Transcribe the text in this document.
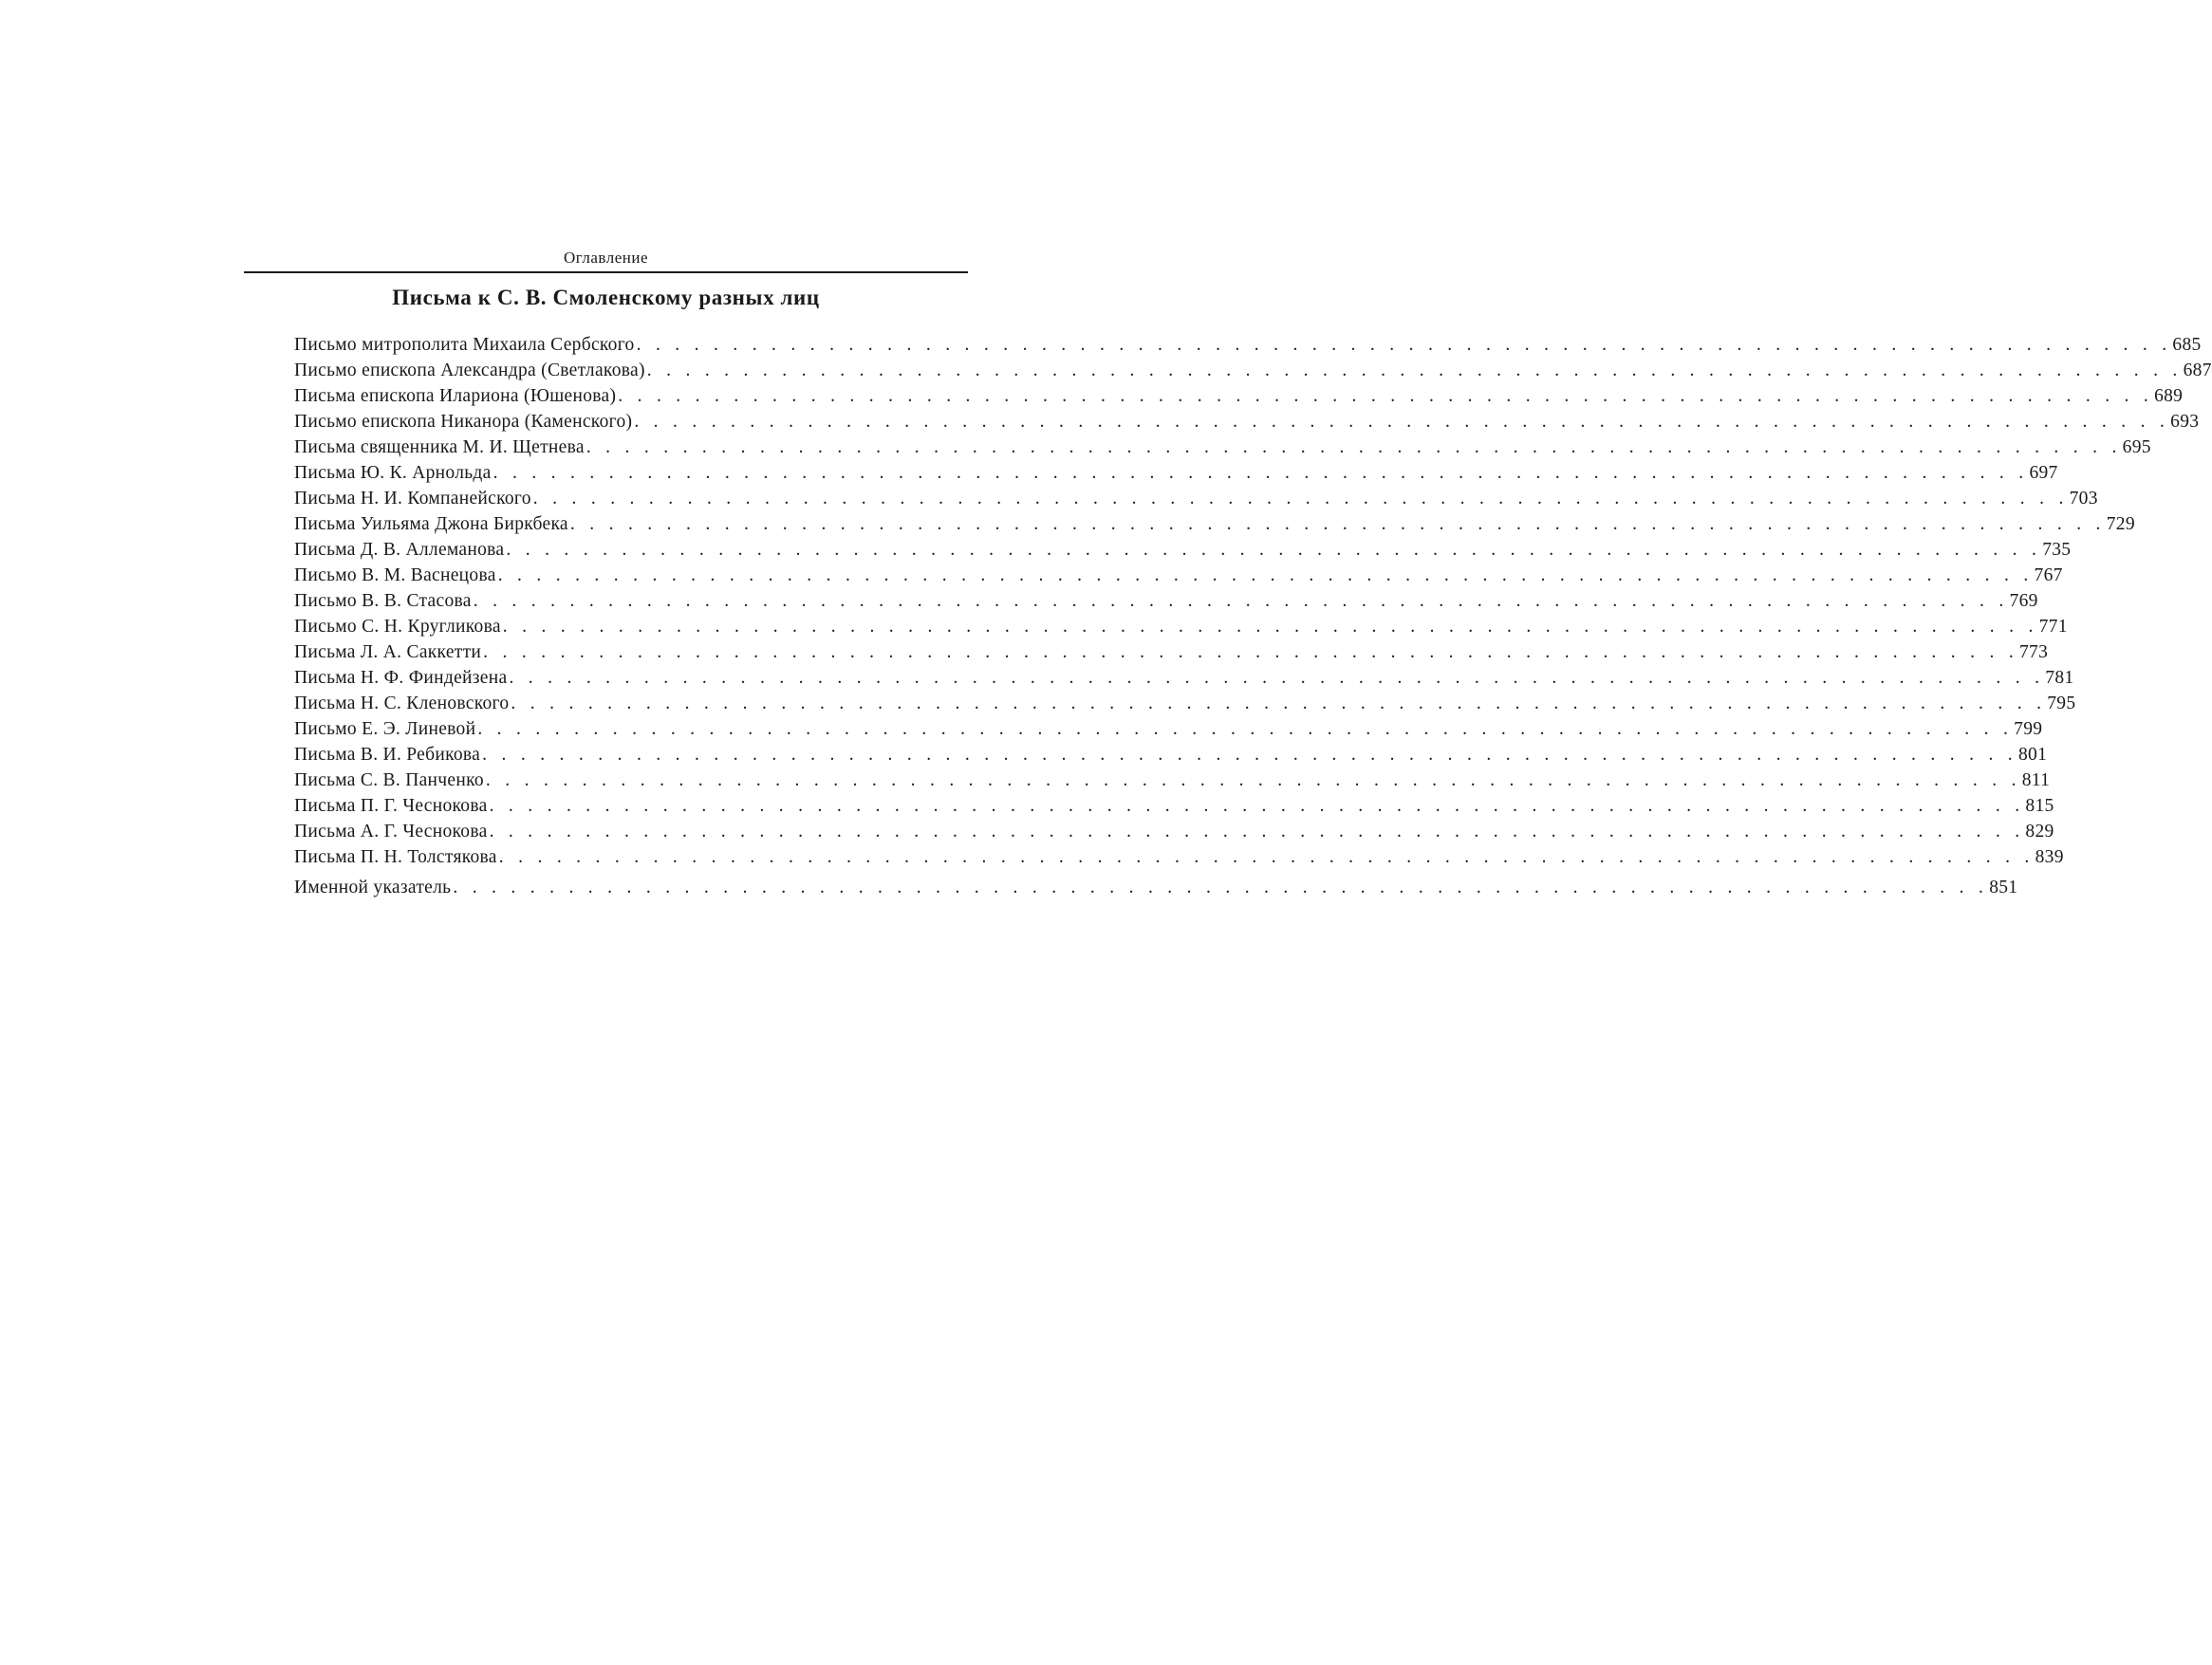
Оглавление
Письма к С. В. Смоленскому разных лиц
Письмо митрополита Михаила Сербского . . . . . . . . . . . . . . . . . . . . . . . . . . . . . . . . . . . . . . . . . . . . . . . . . . . . . . . . . . . . . . . . . . . . . . . . . . . . . . . . 685
Письмо епископа Александра (Светлакова) . . . . . . . . . . . . . . . . . . . . . . . . . . . . . . . . . . . . . . . . . . . . . . . . . . . . . . . . . . . . . . . . . . . . . . . . . . . . . . . . 687
Письма епископа Илариона (Юшенова) . . . . . . . . . . . . . . . . . . . . . . . . . . . . . . . . . . . . . . . . . . . . . . . . . . . . . . . . . . . . . . . . . . . . . . . . . . . . . . . . 689
Письмо епископа Никанора (Каменского) . . . . . . . . . . . . . . . . . . . . . . . . . . . . . . . . . . . . . . . . . . . . . . . . . . . . . . . . . . . . . . . . . . . . . . . . . . . . . . . . 693
Письма священника М. И. Щетнева . . . . . . . . . . . . . . . . . . . . . . . . . . . . . . . . . . . . . . . . . . . . . . . . . . . . . . . . . . . . . . . . . . . . . . . . . . . . . . . . 695
Письма Ю. К. Арнольда . . . . . . . . . . . . . . . . . . . . . . . . . . . . . . . . . . . . . . . . . . . . . . . . . . . . . . . . . . . . . . . . . . . . . . . . . . . . . . . . 697
Письма Н. И. Компанейского . . . . . . . . . . . . . . . . . . . . . . . . . . . . . . . . . . . . . . . . . . . . . . . . . . . . . . . . . . . . . . . . . . . . . . . . . . . . . . . . 703
Письма Уильяма Джона Биркбека . . . . . . . . . . . . . . . . . . . . . . . . . . . . . . . . . . . . . . . . . . . . . . . . . . . . . . . . . . . . . . . . . . . . . . . . . . . . . . . . 729
Письма Д. В. Аллеманова . . . . . . . . . . . . . . . . . . . . . . . . . . . . . . . . . . . . . . . . . . . . . . . . . . . . . . . . . . . . . . . . . . . . . . . . . . . . . . . . 735
Письмо В. М. Васнецова . . . . . . . . . . . . . . . . . . . . . . . . . . . . . . . . . . . . . . . . . . . . . . . . . . . . . . . . . . . . . . . . . . . . . . . . . . . . . . . . 767
Письмо В. В. Стасова . . . . . . . . . . . . . . . . . . . . . . . . . . . . . . . . . . . . . . . . . . . . . . . . . . . . . . . . . . . . . . . . . . . . . . . . . . . . . . . . 769
Письмо С. Н. Кругликова . . . . . . . . . . . . . . . . . . . . . . . . . . . . . . . . . . . . . . . . . . . . . . . . . . . . . . . . . . . . . . . . . . . . . . . . . . . . . . . . 771
Письма Л. А. Саккетти . . . . . . . . . . . . . . . . . . . . . . . . . . . . . . . . . . . . . . . . . . . . . . . . . . . . . . . . . . . . . . . . . . . . . . . . . . . . . . . . 773
Письма Н. Ф. Финдейзена . . . . . . . . . . . . . . . . . . . . . . . . . . . . . . . . . . . . . . . . . . . . . . . . . . . . . . . . . . . . . . . . . . . . . . . . . . . . . . . . 781
Письма Н. С. Кленовского . . . . . . . . . . . . . . . . . . . . . . . . . . . . . . . . . . . . . . . . . . . . . . . . . . . . . . . . . . . . . . . . . . . . . . . . . . . . . . . . 795
Письмо Е. Э. Линевой . . . . . . . . . . . . . . . . . . . . . . . . . . . . . . . . . . . . . . . . . . . . . . . . . . . . . . . . . . . . . . . . . . . . . . . . . . . . . . . . 799
Письма В. И. Ребикова . . . . . . . . . . . . . . . . . . . . . . . . . . . . . . . . . . . . . . . . . . . . . . . . . . . . . . . . . . . . . . . . . . . . . . . . . . . . . . . . 801
Письма С. В. Панченко . . . . . . . . . . . . . . . . . . . . . . . . . . . . . . . . . . . . . . . . . . . . . . . . . . . . . . . . . . . . . . . . . . . . . . . . . . . . . . . . 811
Письма П. Г. Чеснокова . . . . . . . . . . . . . . . . . . . . . . . . . . . . . . . . . . . . . . . . . . . . . . . . . . . . . . . . . . . . . . . . . . . . . . . . . . . . . . . . 815
Письма А. Г. Чеснокова . . . . . . . . . . . . . . . . . . . . . . . . . . . . . . . . . . . . . . . . . . . . . . . . . . . . . . . . . . . . . . . . . . . . . . . . . . . . . . . . 829
Письма П. Н. Толстякова . . . . . . . . . . . . . . . . . . . . . . . . . . . . . . . . . . . . . . . . . . . . . . . . . . . . . . . . . . . . . . . . . . . . . . . . . . . . . . . . 839
Именной указатель . . . . . . . . . . . . . . . . . . . . . . . . . . . . . . . . . . . . . . . . . . . . . . . . . . . . . . . . . . . . . . . . . . . . . . . . . . . . . . . . 851
